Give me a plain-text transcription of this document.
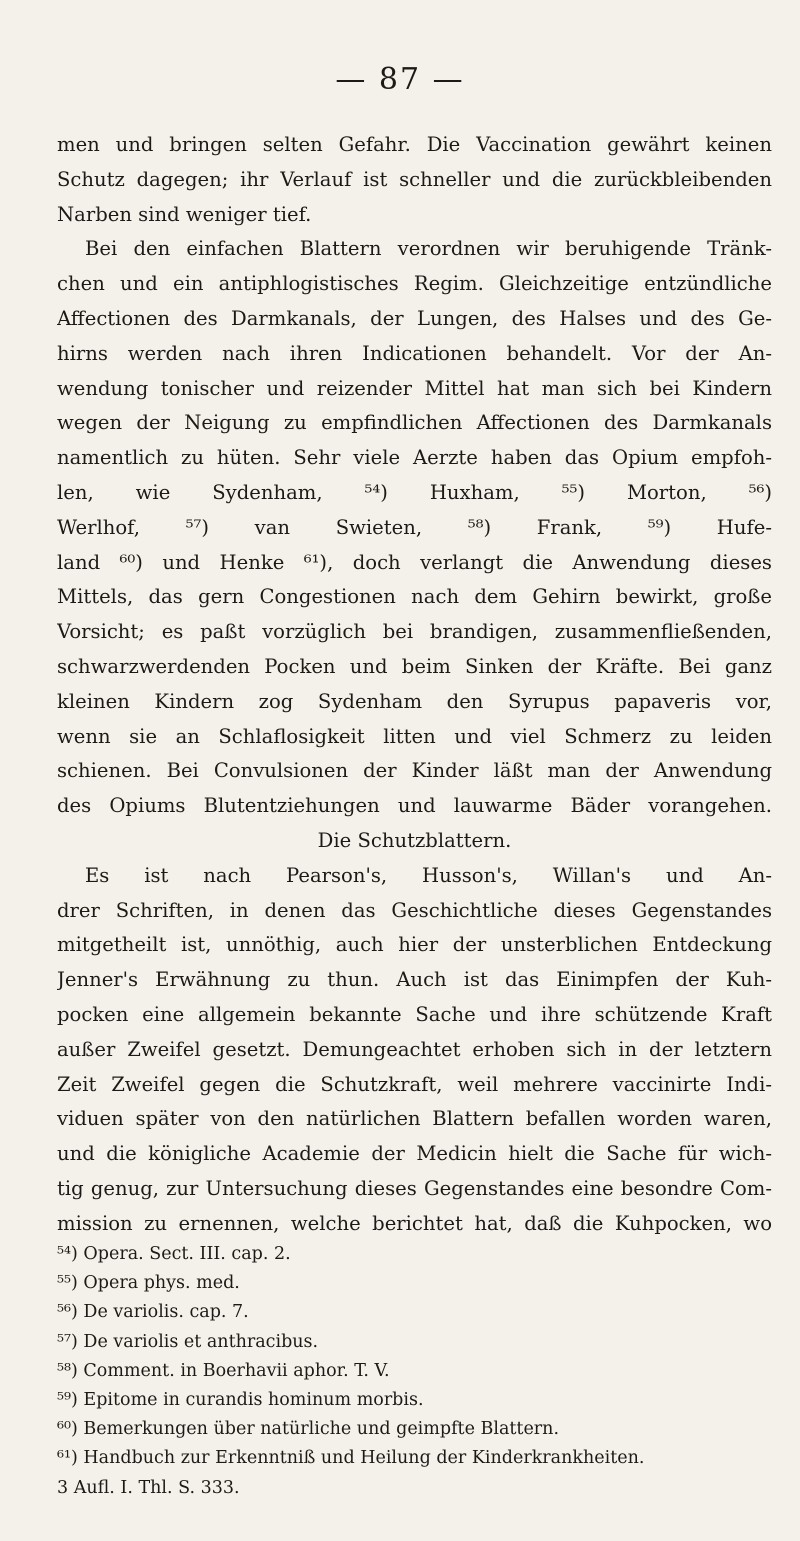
— 87 —
men und bringen selten Gefahr. Die Vaccination gewährt keinen
Schutz dagegen; ihr Verlauf ist schneller und die zurückbleibenden
Narben sind weniger tief.
Bei den einfachen Blattern verordnen wir beruhigende Tränk-
chen und ein antiphlogistisches Regim. Gleichzeitige entzündliche
Affectionen des Darmkanals, der Lungen, des Halses und des Ge-
hirns werden nach ihren Indicationen behandelt. Vor der An-
wendung tonischer und reizender Mittel hat man sich bei Kindern
wegen der Neigung zu empfindlichen Affectionen des Darmkanals
namentlich zu hüten. Sehr viele Aerzte haben das Opium empfoh-
len, wie Sydenham, ⁵⁴) Huxham, ⁵⁵) Morton, ⁵⁶)
Werlhof, ⁵⁷) van Swieten, ⁵⁸) Frank, ⁵⁹) Hufe-
land ⁶⁰) und Henke ⁶¹), doch verlangt die Anwendung dieses
Mittels, das gern Congestionen nach dem Gehirn bewirkt, große
Vorsicht; es paßt vorzüglich bei brandigen, zusammenfließenden,
schwarzwerdenden Pocken und beim Sinken der Kräfte. Bei ganz
kleinen Kindern zog Sydenham den Syrupus papaveris vor,
wenn sie an Schlaflosigkeit litten und viel Schmerz zu leiden
schienen. Bei Convulsionen der Kinder läßt man der Anwendung
des Opiums Blutentziehungen und lauwarme Bäder vorangehen.
Die Schutzblattern.
Es ist nach Pearson's, Husson's, Willan's und An-
drer Schriften, in denen das Geschichtliche dieses Gegenstandes
mitgetheilt ist, unnöthig, auch hier der unsterblichen Entdeckung
Jenner's Erwähnung zu thun. Auch ist das Einimpfen der Kuh-
pocken eine allgemein bekannte Sache und ihre schützende Kraft
außer Zweifel gesetzt. Demungeachtet erhoben sich in der letztern
Zeit Zweifel gegen die Schutzkraft, weil mehrere vaccinirte Indi-
viduen später von den natürlichen Blattern befallen worden waren,
und die königliche Academie der Medicin hielt die Sache für wich-
tig genug, zur Untersuchung dieses Gegenstandes eine besondre Com-
mission zu ernennen, welche berichtet hat, daß die Kuhpocken, wo
⁵⁴) Opera. Sect. III. cap. 2.
⁵⁵) Opera phys. med.
⁵⁶) De variolis. cap. 7.
⁵⁷) De variolis et anthracibus.
⁵⁸) Comment. in Boerhavii aphor. T. V.
⁵⁹) Epitome in curandis hominum morbis.
⁶⁰) Bemerkungen über natürliche und geimpfte Blattern.
⁶¹) Handbuch zur Erkenntniß und Heilung der Kinderkrankheiten.
3 Aufl. I. Thl. S. 333.
